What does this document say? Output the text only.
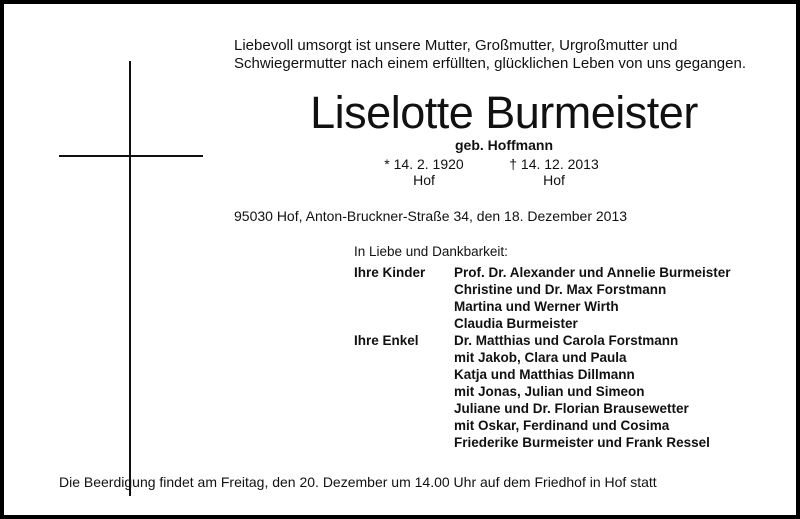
Liebevoll umsorgt ist unsere Mutter, Großmutter, Urgroßmutter und
Schwiegermutter nach einem erfüllten, glücklichen Leben von uns gegangen.
Liselotte Burmeister
geb. Hoffmann
* 14. 2. 1920
Hof
† 14. 12. 2013
Hof
95030 Hof, Anton-Bruckner-Straße 34, den 18. Dezember 2013
In Liebe und Dankbarkeit:
Ihre Kinder	Prof. Dr. Alexander und Annelie Burmeister
Christine und Dr. Max Forstmann
Martina und Werner Wirth
Claudia Burmeister
Ihre Enkel	Dr. Matthias und Carola Forstmann
mit Jakob, Clara und Paula
Katja und Matthias Dillmann
mit Jonas, Julian und Simeon
Juliane und Dr. Florian Brausewetter
mit Oskar, Ferdinand und Cosima
Friederike Burmeister und Frank Ressel
Die Beerdigung findet am Freitag, den 20. Dezember um 14.00 Uhr auf dem Friedhof in Hof statt
